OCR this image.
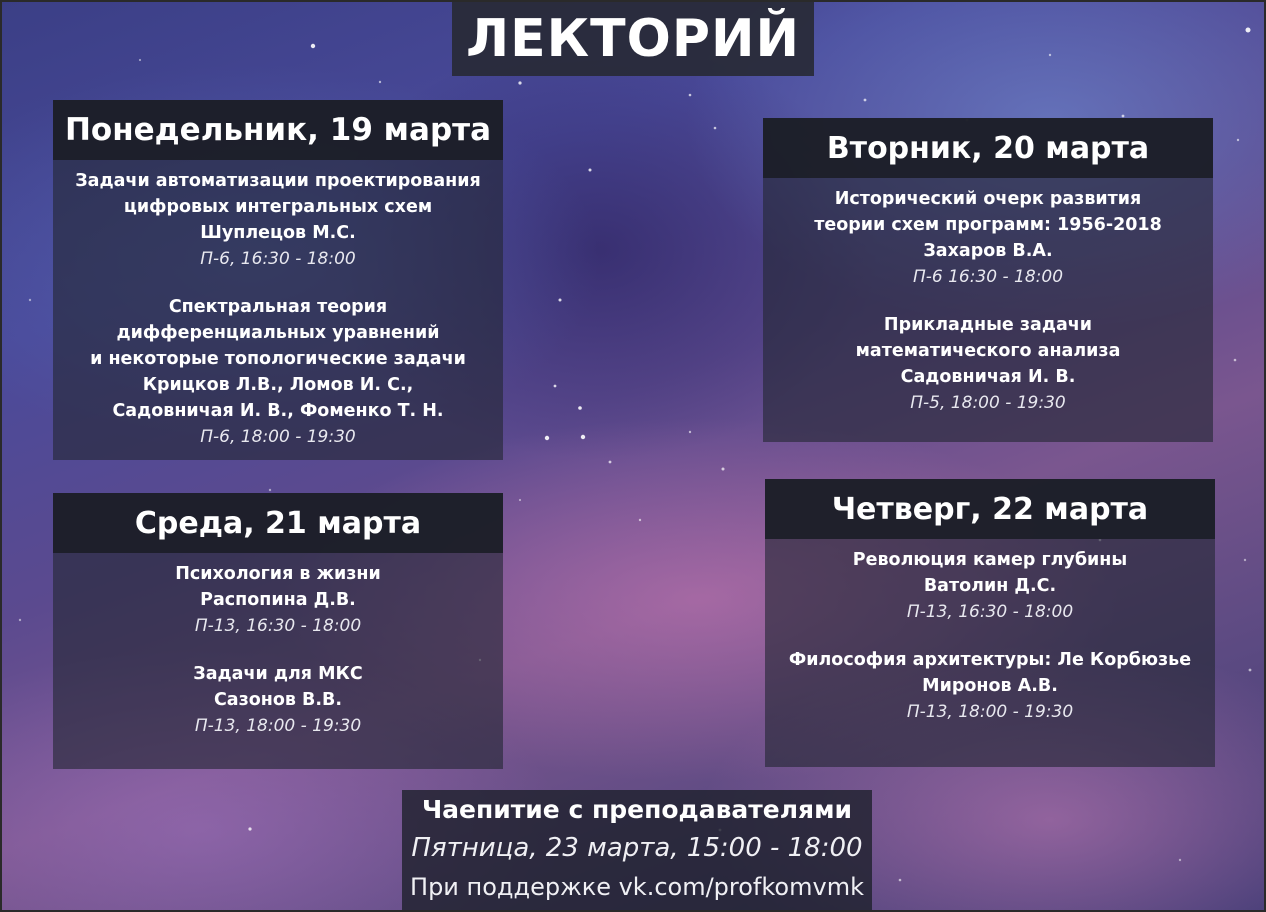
ЛЕКТОРИЙ
Понедельник, 19 марта
Задачи автоматизации проектирования
цифровых интегральных схем
Шуплецов М.С.
П-6, 16:30 - 18:00
Спектральная теория
дифференциальных уравнений
и некоторые топологические задачи
Крицков Л.В., Ломов И. С.,
Садовничая И. В., Фоменко Т. Н.
П-6, 18:00 - 19:30
Вторник, 20 марта
Исторический очерк развития
теории схем программ: 1956-2018
Захаров В.А.
П-6 16:30 - 18:00
Прикладные задачи
математического анализа
Садовничая И. В.
П-5, 18:00 - 19:30
Среда, 21 марта
Психология в жизни
Распопина Д.В.
П-13, 16:30 - 18:00
Задачи для МКС
Сазонов В.В.
П-13, 18:00 - 19:30
Четверг, 22 марта
Революция камер глубины
Ватолин Д.С.
П-13, 16:30 - 18:00
Философия архитектуры: Ле Корбюзье
Миронов А.В.
П-13, 18:00 - 19:30
Чаепитие с преподавателями
Пятница, 23 марта, 15:00 - 18:00
При поддержке vk.com/profkomvmk
